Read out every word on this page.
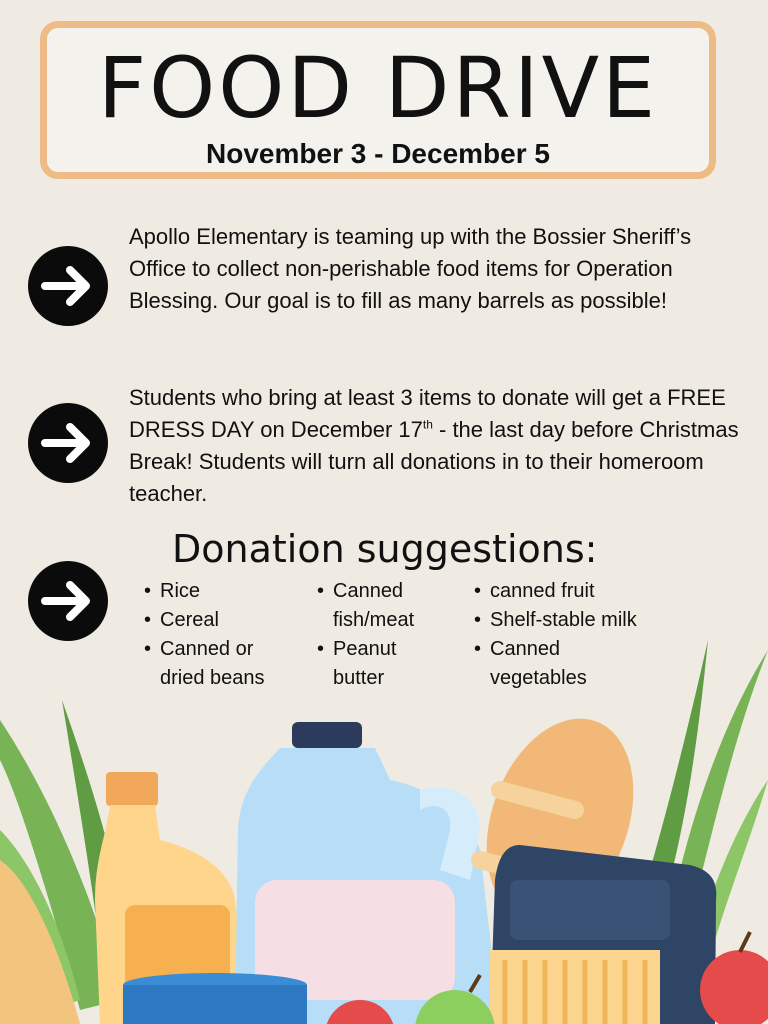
FOOD DRIVE
November 3 - December 5

Apollo Elementary is teaming up with the Bossier Sheriff’s Office to collect non-perishable food items for Operation Blessing. Our goal is to fill as many barrels as possible!

Students who bring at least 3 items to donate will get a FREE DRESS DAY on December 17th - the last day before Christmas Break! Students will turn all donations in to their homeroom teacher.

Donation suggestions:
• Rice
• Cereal
• Canned or dried beans
• Canned fish/meat
• Peanut butter
• canned fruit
• Shelf-stable milk
• Canned vegetables
